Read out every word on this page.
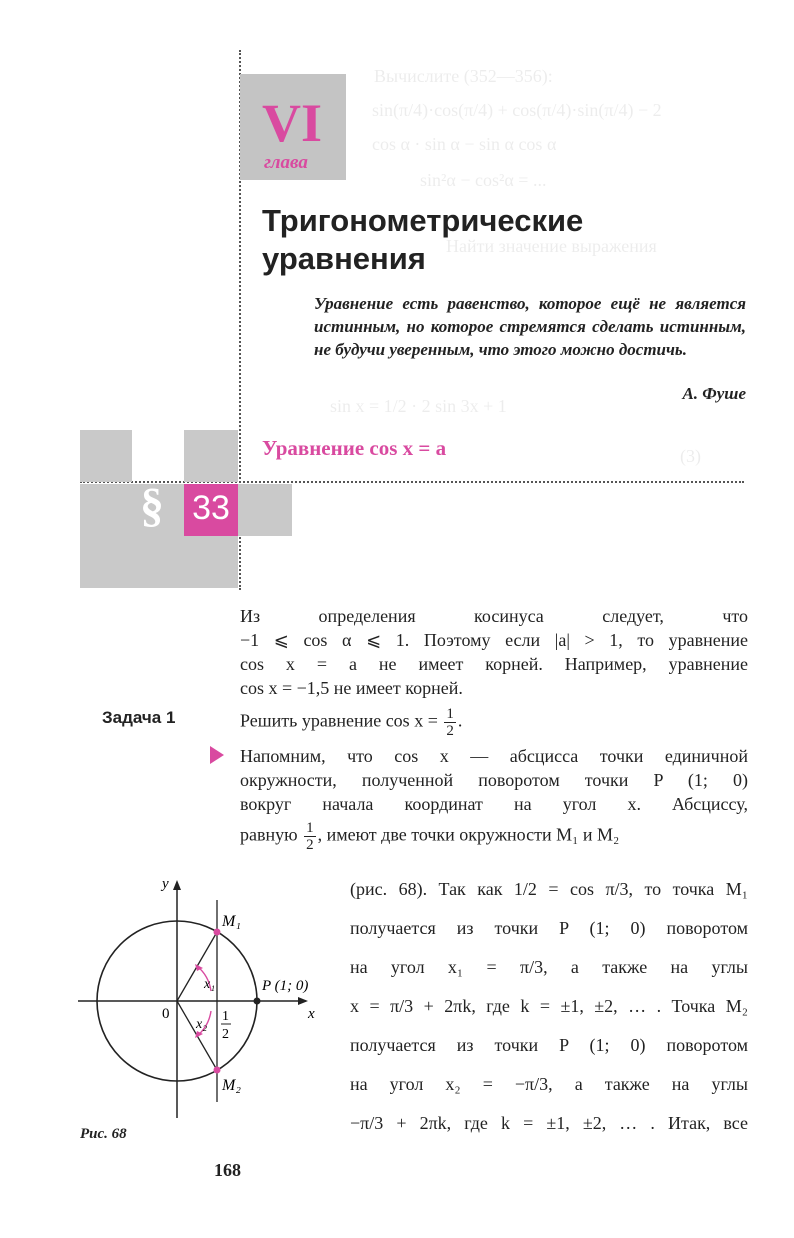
Вычислите (352—356):
sin(π/4)·cos(π/4) + cos(π/4)·sin(π/4) − 2
cos α · sin α − sin α cos α
sin²α − cos²α = ...
Найти значение выражения
sin x = 1/2 · 2 sin 3x + 1
(3)
VI
глава
Тригонометрические
уравнения
Уравнение есть равенство, которое ещё не является истинным, но которое стремятся сделать истинным, не будучи уверенным, что этого можно достичь.
А. Фуше
Уравнение cos x = a
33
§
Из определения косинуса следует, что
−1 ⩽ cos α ⩽ 1. Поэтому если |a| > 1, то уравнение
cos x = a не имеет корней. Например, уравнение
cos x = −1,5 не имеет корней.
Задача 1	Решить уравнение $\cos x = \frac{1}{2}$ .
Напомним, что cos x — абсцисса точки единичной
окружности, полученной поворотом точки P (1; 0)
вокруг начала координат на угол x. Абсциссу,
равную $\frac{1}{2}$ , имеют две точки окружности M₁ и M₂
(рис. 68). Так как 1/2 = cos π/3, то точка M₁
получается из точки P (1; 0) поворотом
на угол x₁ = π/3, а также на углы
x = π/3 + 2πk, где k = ±1, ±2, … . Точка M₂
получается из точки P (1; 0) поворотом
на угол x₂ = −π/3, а также на углы
−π/3 + 2πk, где k = ±1, ±2, … . Итак, все
y
x
0
M₁
M₂
P (1; 0)
x₁
x₂
1
2
Рис. 68
168
